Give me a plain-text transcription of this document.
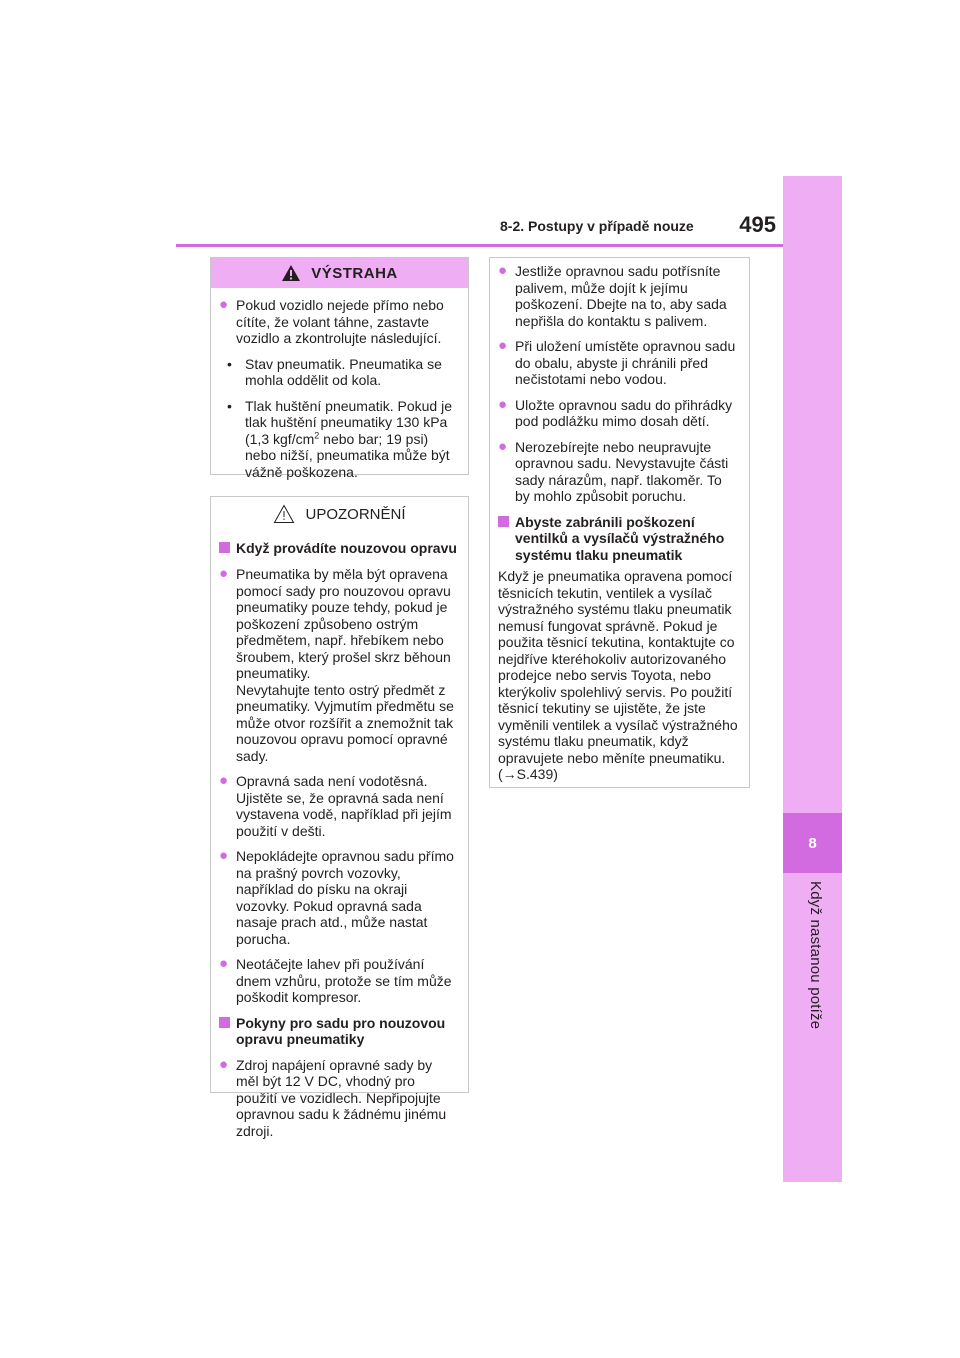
8-2. Postupy v případě nouze	495
8
Když nastanou potíže
VÝSTRAHA
● Pokud vozidlo nejede přímo nebo cítíte, že volant táhne, zastavte vozidlo a zkontrolujte následující.
• Stav pneumatik. Pneumatika se mohla oddělit od kola.
• Tlak huštění pneumatik. Pokud je tlak huštění pneumatiky 130 kPa (1,3 kgf/$cm^2$ nebo bar; 19 psi) nebo nižší, pneumatika může být vážně poškozena.
UPOZORNĚNÍ
Když provádíte nouzovou opravu
● Pneumatika by měla být opravena pomocí sady pro nouzovou opravu pneumatiky pouze tehdy, pokud je poškození způsobeno ostrým předmětem, např. hřebíkem nebo šroubem, který prošel skrz běhoun pneumatiky.
Nevytahujte tento ostrý předmět z pneumatiky. Vyjmutím předmětu se může otvor rozšířit a znemožnit tak nouzovou opravu pomocí opravné sady.
● Opravná sada není vodotěsná. Ujistěte se, že opravná sada není vystavena vodě, například při jejím použití v dešti.
● Nepokládejte opravnou sadu přímo na prašný povrch vozovky, například do písku na okraji vozovky. Pokud opravná sada nasaje prach atd., může nastat porucha.
● Neotáčejte lahev při používání dnem vzhůru, protože se tím může poškodit kompresor.
Pokyny pro sadu pro nouzovou opravu pneumatiky
● Zdroj napájení opravné sady by měl být 12 V DC, vhodný pro použití ve vozidlech. Nepřipojujte opravnou sadu k žádnému jinému zdroji.
● Jestliže opravnou sadu potřísníte palivem, může dojít k jejímu poškození. Dbejte na to, aby sada nepřišla do kontaktu s palivem.
● Při uložení umístěte opravnou sadu do obalu, abyste ji chránili před nečistotami nebo vodou.
● Uložte opravnou sadu do přihrádky pod podlážku mimo dosah dětí.
● Nerozebírejte nebo neupravujte opravnou sadu. Nevystavujte části sady nárazům, např. tlakoměr. To by mohlo způsobit poruchu.
Abyste zabránili poškození ventilků a vysílačů výstražného systému tlaku pneumatik
Když je pneumatika opravena pomocí těsnicích tekutin, ventilek a vysílač výstražného systému tlaku pneumatik nemusí fungovat správně. Pokud je použita těsnicí tekutina, kontaktujte co nejdříve kteréhokoliv autorizovaného prodejce nebo servis Toyota, nebo kterýkoliv spolehlivý servis. Po použití těsnicí tekutiny se ujistěte, že jste vyměnili ventilek a vysílač výstražného systému tlaku pneumatik, když opravujete nebo měníte pneumatiku. (→S.439)
